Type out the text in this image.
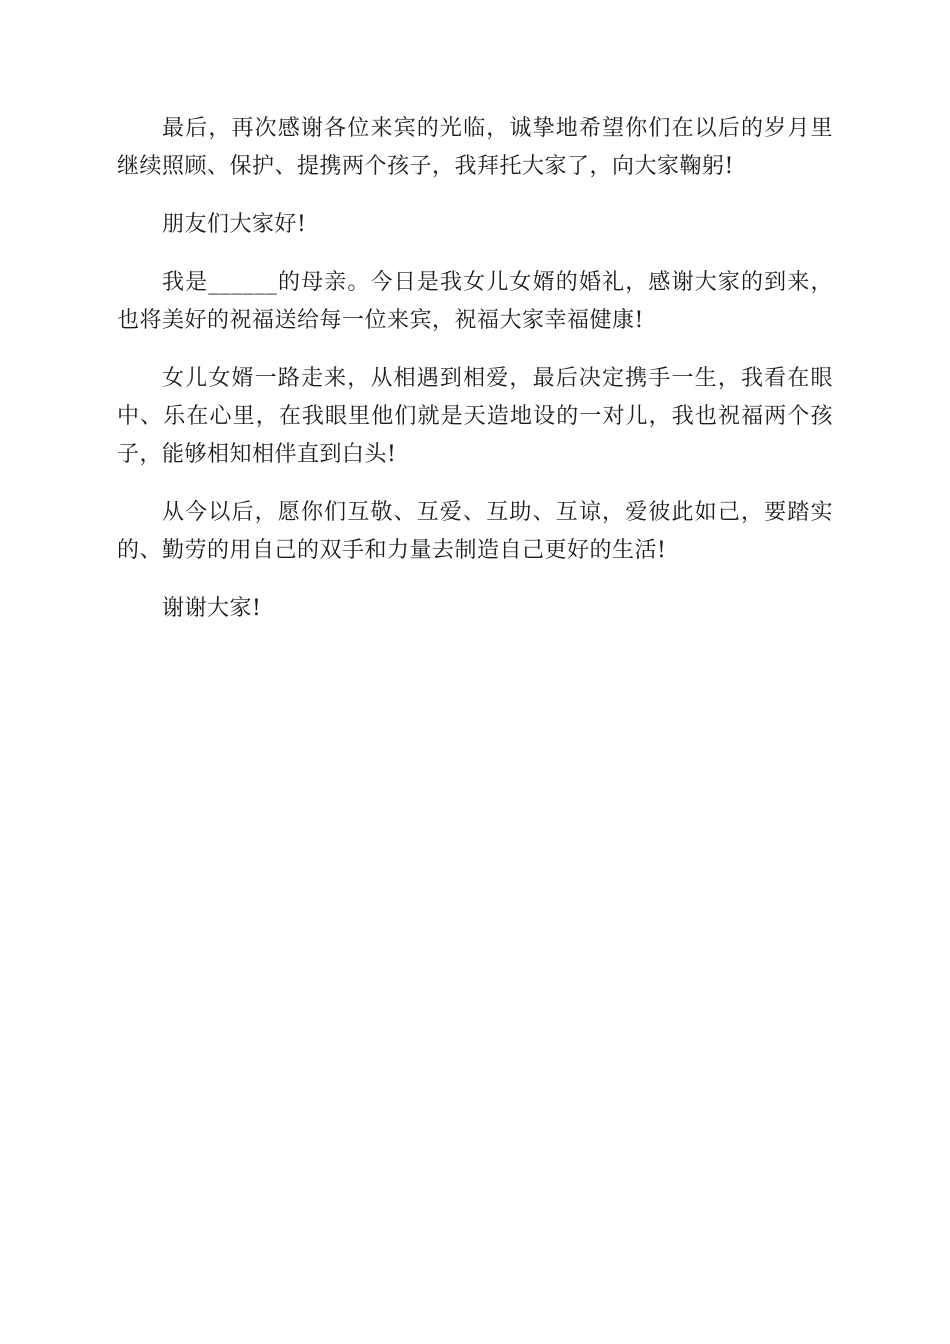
最后，再次感谢各位来宾的光临，诚挚地希望你们在以后的岁月里继续照顾、保护、提携两个孩子，我拜托大家了，向大家鞠躬!

朋友们大家好!

我是______的母亲。今日是我女儿女婿的婚礼，感谢大家的到来，也将美好的祝福送给每一位来宾，祝福大家幸福健康!

女儿女婿一路走来，从相遇到相爱，最后决定携手一生，我看在眼中、乐在心里，在我眼里他们就是天造地设的一对儿，我也祝福两个孩子，能够相知相伴直到白头!

从今以后，愿你们互敬、互爱、互助、互谅，爱彼此如己，要踏实的、勤劳的用自己的双手和力量去制造自己更好的生活!

谢谢大家!
